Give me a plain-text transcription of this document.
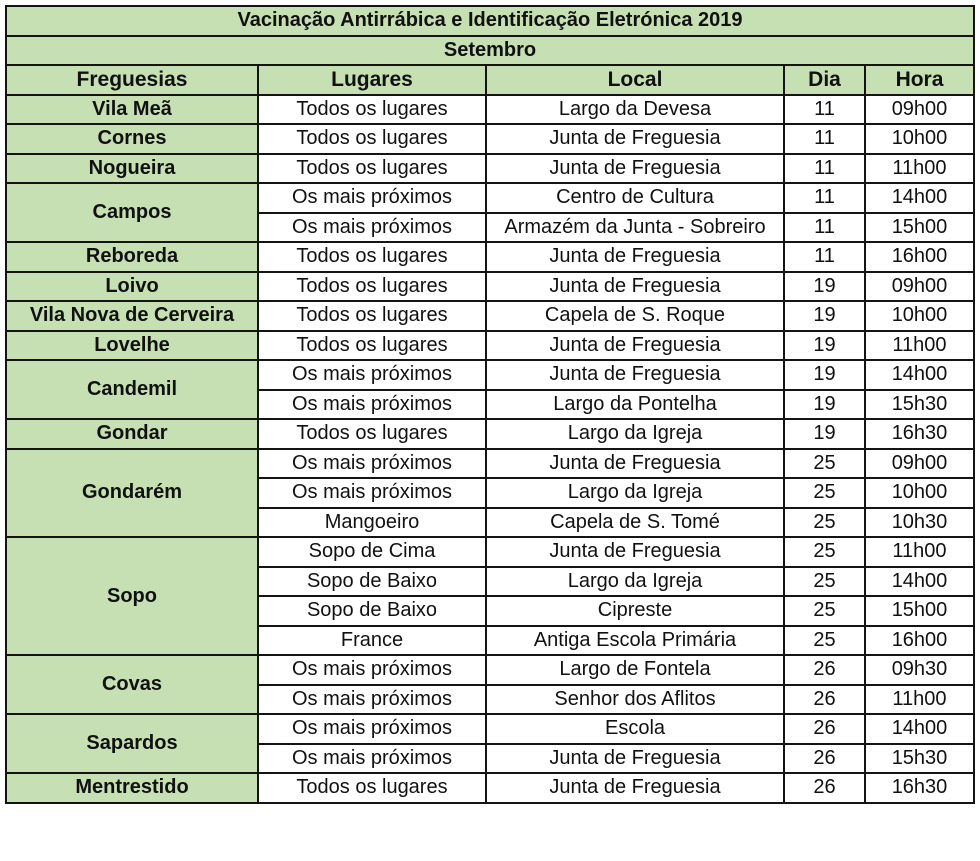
Vacinação Antirrábica e Identificação Eletrónica 2019				
Setembro				
Freguesias	Lugares	Local	Dia	Hora
Vila Meã	Todos os lugares	Largo da Devesa	11	09h00
Cornes	Todos os lugares	Junta de Freguesia	11	10h00
Nogueira	Todos os lugares	Junta de Freguesia	11	11h00
Campos	Os mais próximos	Centro de Cultura	11	14h00
	Os mais próximos	Armazém da Junta - Sobreiro	11	15h00
Reboreda	Todos os lugares	Junta de Freguesia	11	16h00
Loivo	Todos os lugares	Junta de Freguesia	19	09h00
Vila Nova de Cerveira	Todos os lugares	Capela de S. Roque	19	10h00
Lovelhe	Todos os lugares	Junta de Freguesia	19	11h00
Candemil	Os mais próximos	Junta de Freguesia	19	14h00
	Os mais próximos	Largo da Pontelha	19	15h30
Gondar	Todos os lugares	Largo da Igreja	19	16h30
Gondarém	Os mais próximos	Junta de Freguesia	25	09h00
	Os mais próximos	Largo da Igreja	25	10h00
	Mangoeiro	Capela de S. Tomé	25	10h30
Sopo	Sopo de Cima	Junta de Freguesia	25	11h00
	Sopo de Baixo	Largo da Igreja	25	14h00
	Sopo de Baixo	Cipreste	25	15h00
	France	Antiga Escola Primária	25	16h00
Covas	Os mais próximos	Largo de Fontela	26	09h30
	Os mais próximos	Senhor dos Aflitos	26	11h00
Sapardos	Os mais próximos	Escola	26	14h00
	Os mais próximos	Junta de Freguesia	26	15h30
Mentrestido	Todos os lugares	Junta de Freguesia	26	16h30
